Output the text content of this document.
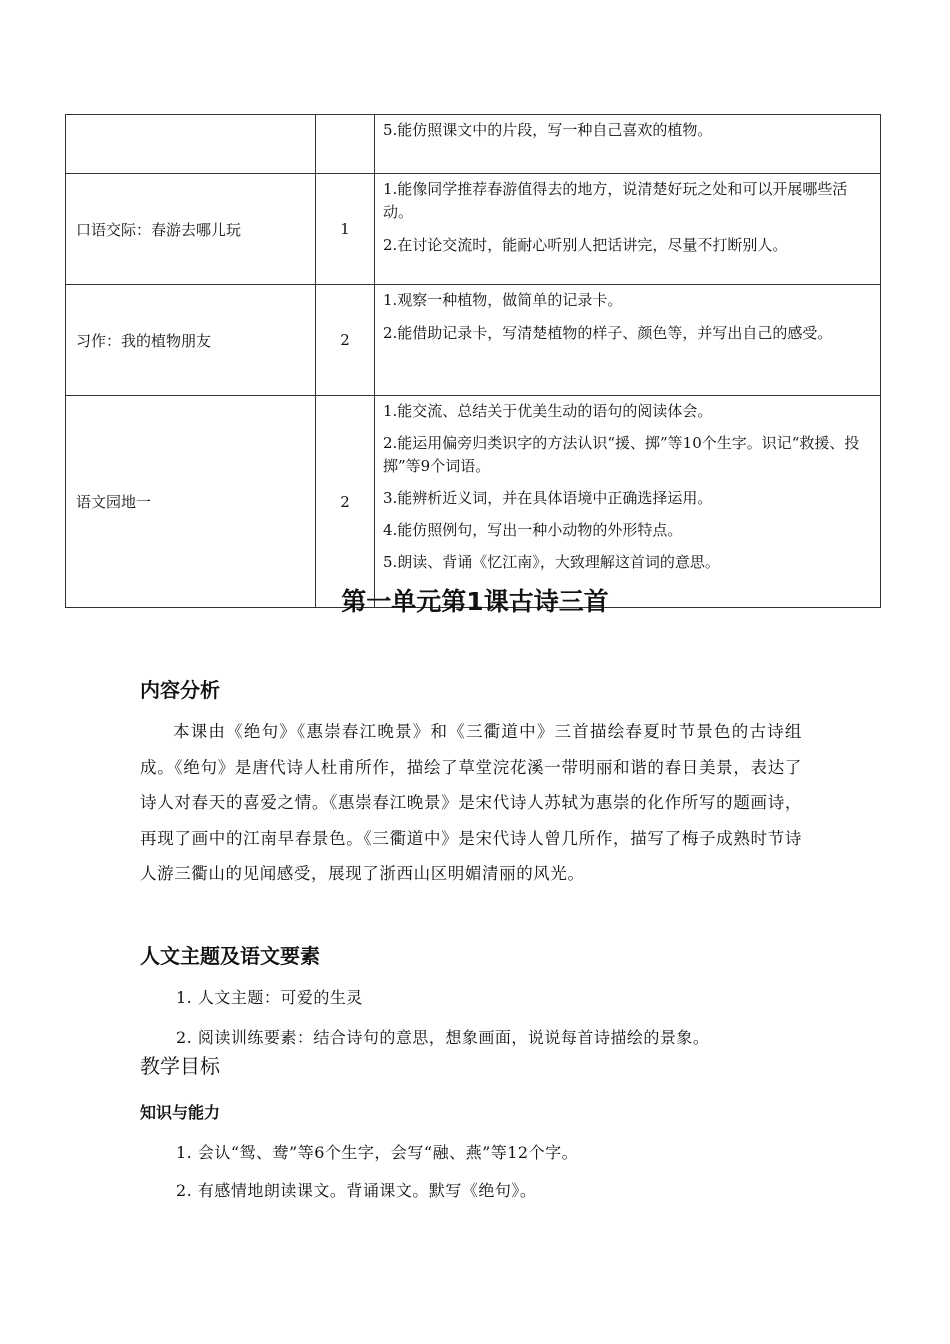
		5.能仿照课文中的片段，写一种自己喜欢的植物。

口语交际：春游去哪儿玩	1	1.能像同学推荐春游值得去的地方，说清楚好玩之处和可以开展哪些活动。

2.在讨论交流时，能耐心听别人把话讲完，尽量不打断别人。

习作：我的植物朋友	2	1.观察一种植物，做简单的记录卡。

2.能借助记录卡，写清楚植物的样子、颜色等，并写出自己的感受。

语文园地一	2	1.能交流、总结关于优美生动的语句的阅读体会。

2.能运用偏旁归类识字的方法认识“援、掷”等10个生字。识记“救援、投掷”等9个词语。

3.能辨析近义词，并在具体语境中正确选择运用。

4.能仿照例句，写出一种小动物的外形特点。

5.朗读、背诵《忆江南》，大致理解这首词的意思。

第一单元第1课古诗三首
内容分析
本课由《绝句》《惠崇春江晚景》和《三衢道中》三首描绘春夏时节景色的古诗组成。《绝句》是唐代诗人杜甫所作，描绘了草堂浣花溪一带明丽和谐的春日美景，表达了诗人对春天的喜爱之情。《惠崇春江晚景》是宋代诗人苏轼为惠崇的化作所写的题画诗，再现了画中的江南早春景色。《三衢道中》是宋代诗人曾几所作，描写了梅子成熟时节诗人游三衢山的见闻感受，展现了浙西山区明媚清丽的风光。
人文主题及语文要素
1. 人文主题：可爱的生灵
2. 阅读训练要素：结合诗句的意思，想象画面，说说每首诗描绘的景象。
教学目标
知识与能力
1. 会认“鸳、鸯”等6个生字，会写“融、燕”等12个字。
2. 有感情地朗读课文。背诵课文。默写《绝句》。
